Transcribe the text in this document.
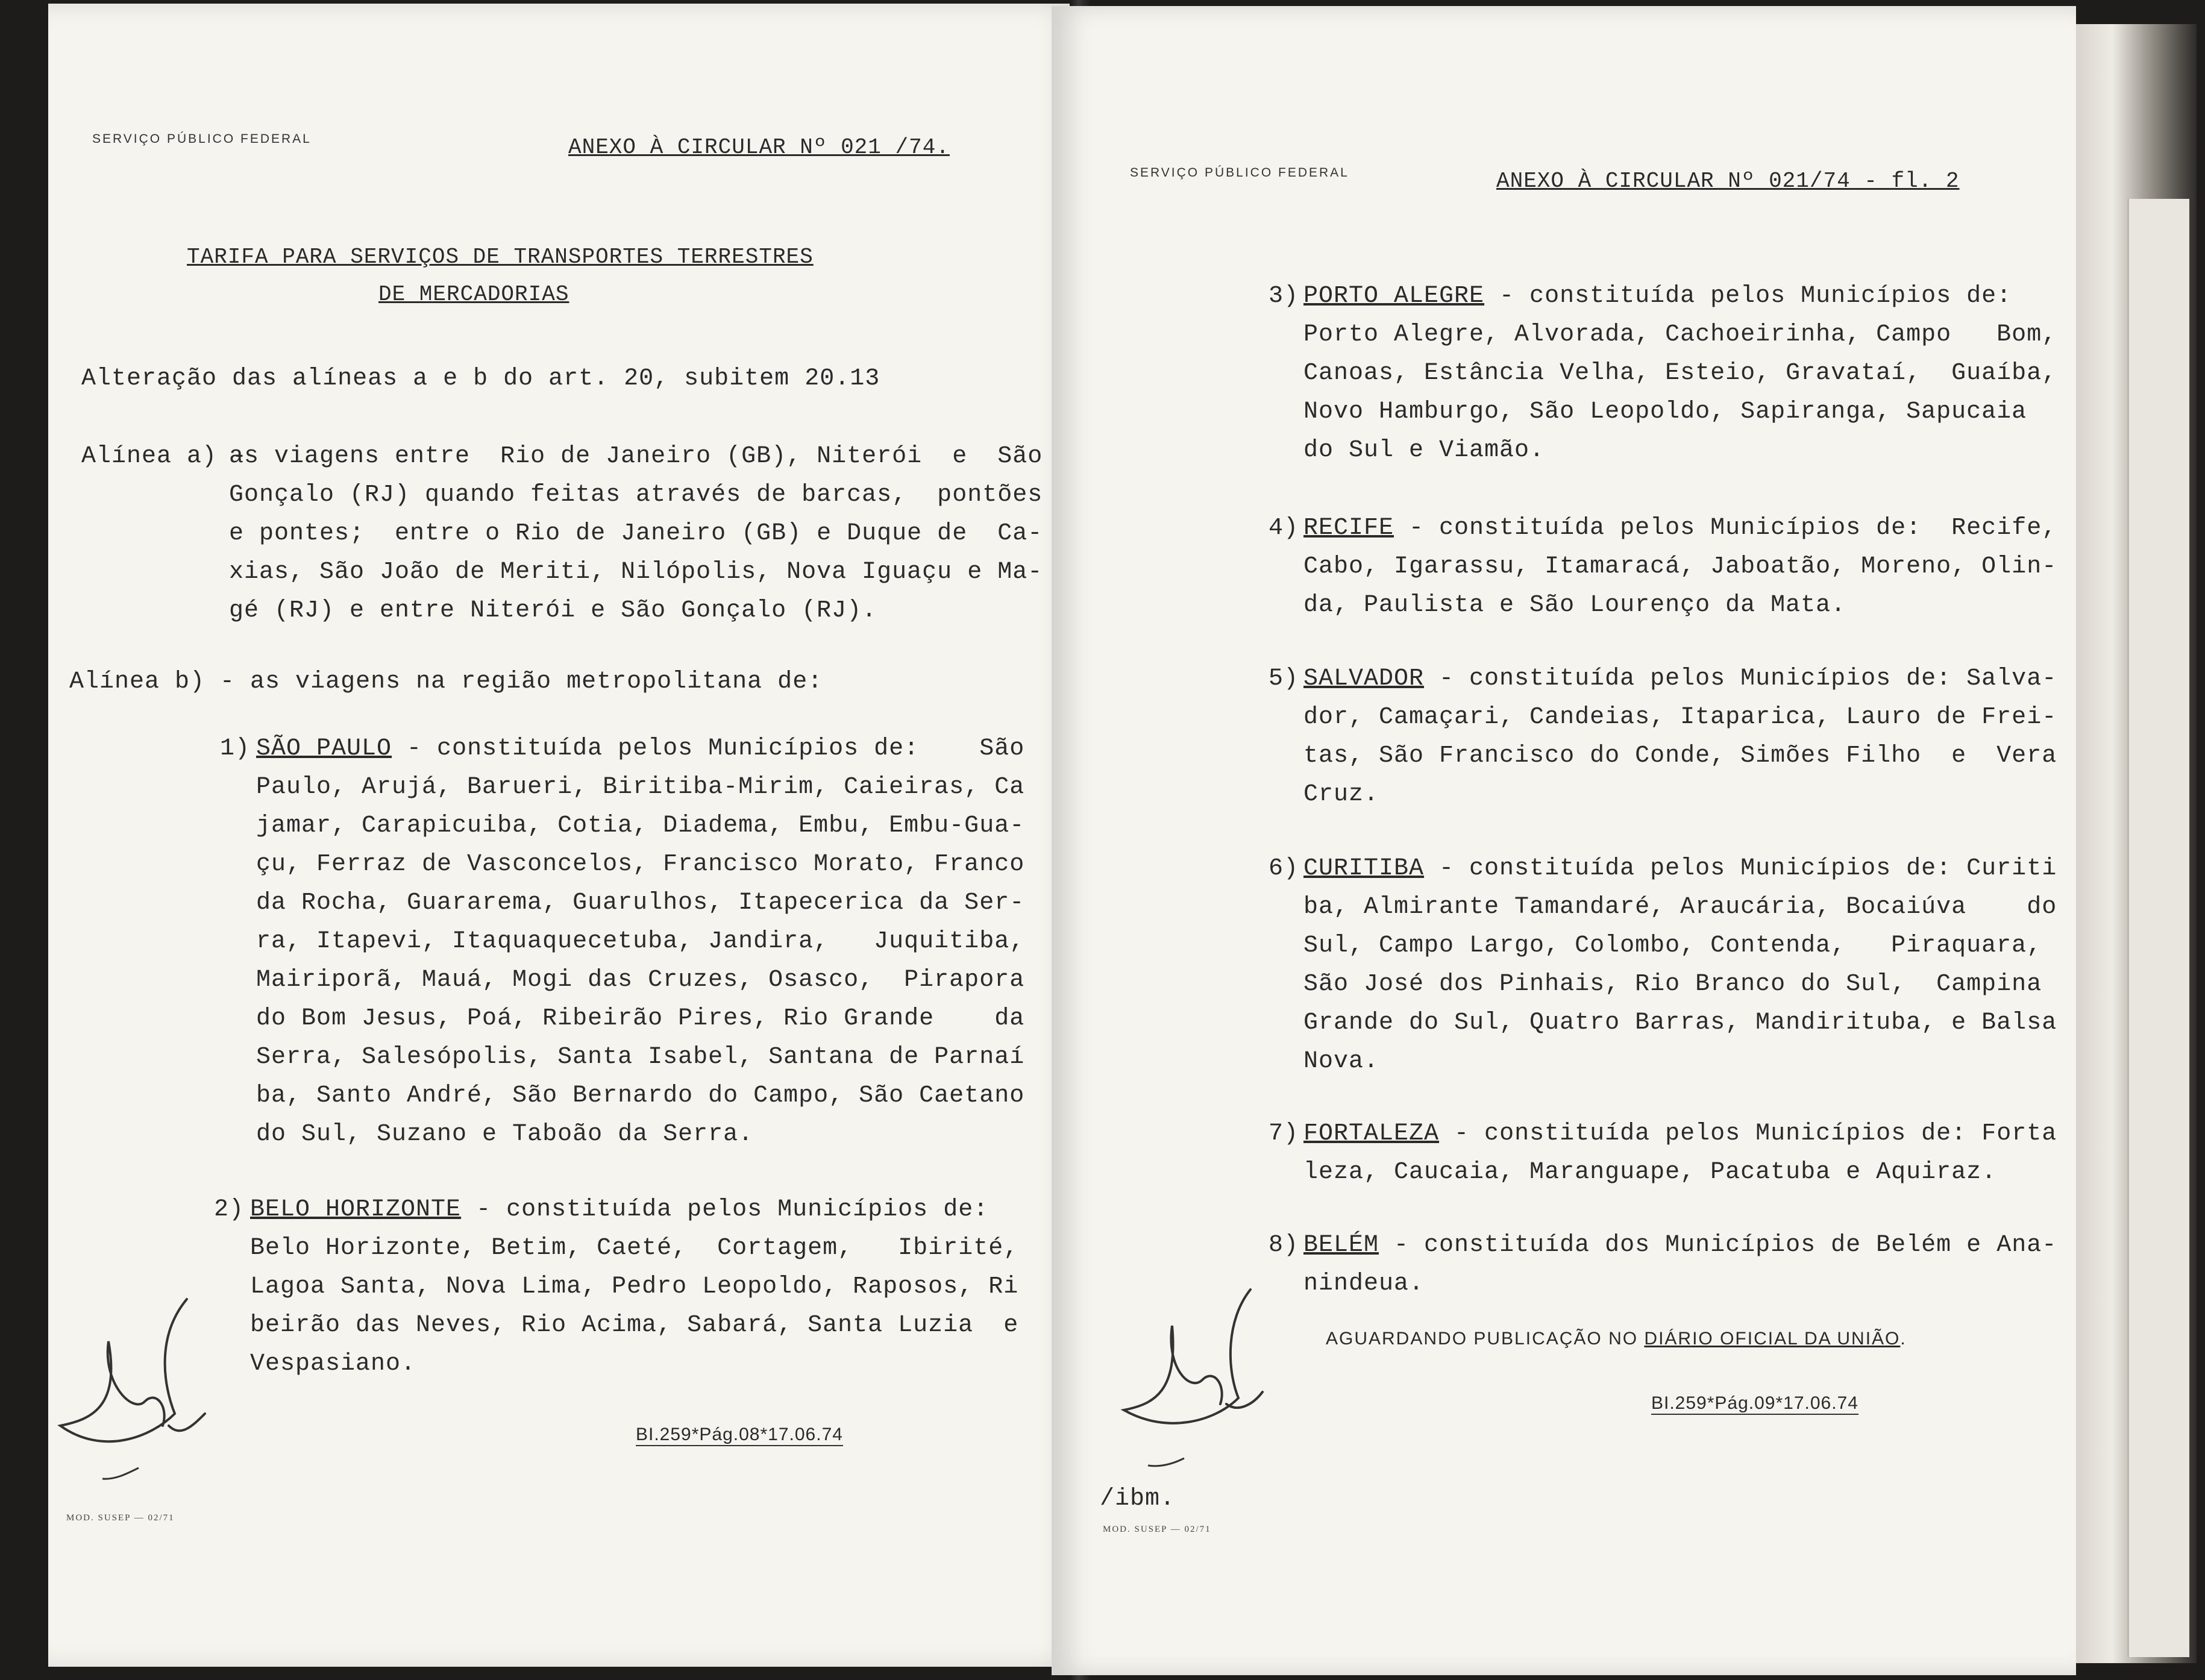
SERVIÇO PÚBLICO FEDERAL	ANEXO À CIRCULAR Nº 021 /74.
TARIFA PARA SERVIÇOS DE TRANSPORTES TERRESTRES
DE MERCADORIAS
Alteração das alíneas a e b do art. 20, subitem 20.13
Alínea a) -

as viagens entre  Rio de Janeiro (GB), Niterói  e  São

Gonçalo (RJ) quando feitas através de barcas,  pontões

e pontes;  entre o Rio de Janeiro (GB) e Duque de  Ca-

xias, São João de Meriti, Nilópolis, Nova Iguaçu e Ma-

gé (RJ) e entre Niterói e São Gonçalo (RJ).

Alínea b) - as viagens na região metropolitana de:
1) SÃO PAULO - constituída pelos Municípios de:    São

Paulo, Arujá, Barueri, Biritiba-Mirim, Caieiras, Ca

jamar, Carapicuiba, Cotia, Diadema, Embu, Embu-Gua-

çu, Ferraz de Vasconcelos, Francisco Morato, Franco

da Rocha, Guararema, Guarulhos, Itapecerica da Ser-

ra, Itapevi, Itaquaquecetuba, Jandira,   Juquitiba,

Mairiporã, Mauá, Mogi das Cruzes, Osasco,  Pirapora

do Bom Jesus, Poá, Ribeirão Pires, Rio Grande    da

Serra, Salesópolis, Santa Isabel, Santana de Parnaí

ba, Santo André, São Bernardo do Campo, São Caetano

do Sul, Suzano e Taboão da Serra.

2) BELO HORIZONTE - constituída pelos Municípios de:

Belo Horizonte, Betim, Caeté,  Cortagem,   Ibirité,

Lagoa Santa, Nova Lima, Pedro Leopoldo, Raposos, Ri

beirão das Neves, Rio Acima, Sabará, Santa Luzia  e

Vespasiano.

BI.259*Pág.08*17.06.74
MOD. SUSEP — 02/71
SERVIÇO PÚBLICO FEDERAL	ANEXO À CIRCULAR Nº 021/74 - fl. 2
3) PORTO ALEGRE - constituída pelos Municípios de:

Porto Alegre, Alvorada, Cachoeirinha, Campo   Bom,

Canoas, Estância Velha, Esteio, Gravataí,  Guaíba,

Novo Hamburgo, São Leopoldo, Sapiranga, Sapucaia

do Sul e Viamão.

4) RECIFE - constituída pelos Municípios de:  Recife,

Cabo, Igarassu, Itamaracá, Jaboatão, Moreno, Olin-

da, Paulista e São Lourenço da Mata.

5) SALVADOR - constituída pelos Municípios de: Salva-

dor, Camaçari, Candeias, Itaparica, Lauro de Frei-

tas, São Francisco do Conde, Simões Filho  e  Vera

Cruz.

6) CURITIBA - constituída pelos Municípios de: Curiti

ba, Almirante Tamandaré, Araucária, Bocaiúva    do

Sul, Campo Largo, Colombo, Contenda,   Piraquara,

São José dos Pinhais, Rio Branco do Sul,  Campina

Grande do Sul, Quatro Barras, Mandirituba, e Balsa

Nova.

7) FORTALEZA - constituída pelos Municípios de: Forta

leza, Caucaia, Maranguape, Pacatuba e Aquiraz.

8) BELÉM - constituída dos Municípios de Belém e Ana-

nindeua.

AGUARDANDO PUBLICAÇÃO NO DIÁRIO OFICIAL DA UNIÃO.
BI.259*Pág.09*17.06.74
/ibm.
MOD. SUSEP — 02/71
